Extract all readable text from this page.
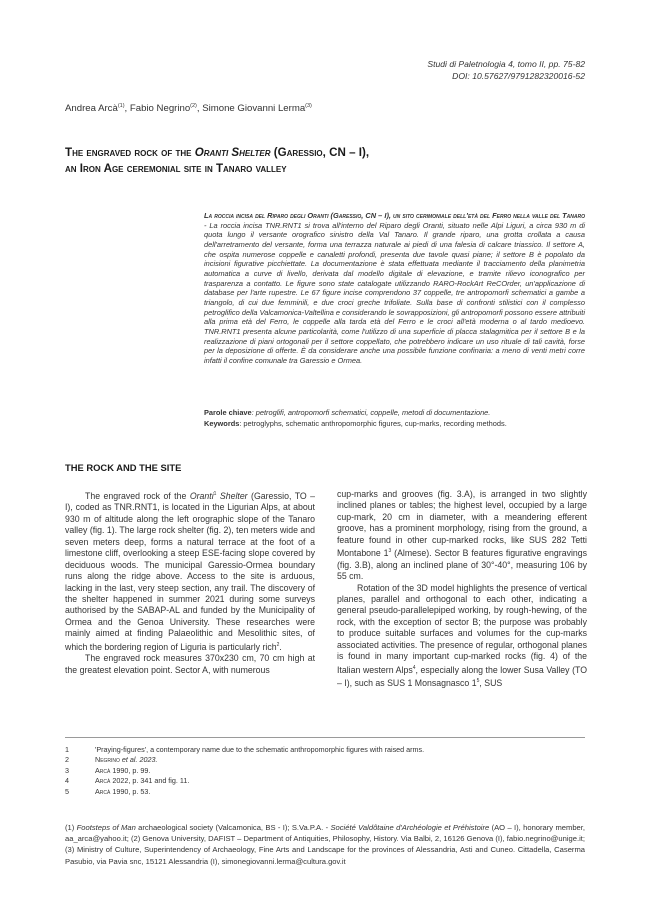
Studi di Paletnologia 4, tomo II, pp. 75-82
DOI: 10.57627/9791282320016-52
Andrea Arcà$^{(1)}$, Fabio Negrino$^{(2)}$, Simone Giovanni Lerma$^{(3)}$
The engraved rock of the Oranti Shelter (Garessio, CN – I),
an Iron Age ceremonial site in Tanaro valley
La roccia incisa del Riparo degli Oranti (Garessio, CN – I), un sito cerimoniale dell'età del Ferro nella valle del Tanaro - La roccia incisa TNR.RNT1 si trova all'interno del Riparo degli Oranti, situato nelle Alpi Liguri, a circa 930 m di quota lungo il versante orografico sinistro della Val Tanaro. Il grande riparo, una grotta crollata a causa dell'arretramento del versante, forma una terrazza naturale ai piedi di una falesia di calcare triassico. Il settore A, che ospita numerose coppelle e canaletti profondi, presenta due tavole quasi piane; il settore B è popolato da incisioni figurative picchiettate. La documentazione è stata effettuata mediante il tracciamento della planimetria automatica a curve di livello, derivata dal modello digitale di elevazione, e tramite rilievo iconografico per trasparenza a contatto. Le figure sono state catalogate utilizzando RARO-RockArt ReCOrder, un'applicazione di database per l'arte rupestre. Le 67 figure incise comprendono 37 coppelle, tre antropomorfi schematici a gambe a triangolo, di cui due femminili, e due croci greche trifoliate. Sulla base di confronti stilistici con il complesso petroglifico della Valcamonica-Valtellina e considerando le sovrapposizioni, gli antropomorfi possono essere attribuiti alla prima età del Ferro, le coppelle alla tarda età del Ferro e le croci all'età moderna o al tardo medioevo. TNR.RNT1 presenta alcune particolarità, come l'utilizzo di una superficie di placca stalagmitica per il settore B e la realizzazione di piani ortogonali per il settore coppellato, che potrebbero indicare un uso rituale di tali cavità, forse per la deposizione di offerte. È da considerare anche una possibile funzione confinaria: a meno di venti metri corre infatti il confine comunale tra Garessio e Ormea.
Parole chiave: petroglifi, antropomorfi schematici, coppelle, metodi di documentazione.
Keywords: petroglyphs, schematic anthropomorphic figures, cup-marks, recording methods.
THE ROCK AND THE SITE

The engraved rock of the Oranti$^1$ Shelter (Garessio, TO – I), coded as TNR.RNT1, is located in the Ligurian Alps, at about 930 m of altitude along the left orographic slope of the Tanaro valley (fig. 1). The large rock shelter (fig. 2), ten meters wide and seven meters deep, forms a natural terrace at the foot of a limestone cliff, overlooking a steep ESE-facing slope covered by deciduous woods. The municipal Garessio-Ormea boundary runs along the ridge above. Access to the site is arduous, lacking in the last, very steep section, any trail. The discovery of the shelter happened in summer 2021 during some surveys authorised by the SABAP-AL and funded by the Municipality of Ormea and the Genoa University. These researches were mainly aimed at finding Palaeolithic and Mesolithic sites, of which the bordering region of Liguria is particularly rich$^2$.

The engraved rock measures 370x230 cm, 70 cm high at the greatest elevation point. Sector A, with numerous

cup-marks and grooves (fig. 3.A), is arranged in two slightly inclined planes or tables; the highest level, occupied by a large cup-mark, 20 cm in diameter, with a meandering efferent groove, has a prominent morphology, rising from the ground, a feature found in other cup-marked rocks, like SUS 282 Tetti Montabone $1^3$ (Almese). Sector B features figurative engravings (fig. 3.B), along an inclined plane of 30°-40°, measuring 106 by 55 cm.

Rotation of the 3D model highlights the presence of vertical planes, parallel and orthogonal to each other, indicating a general pseudo-parallelepiped working, by rough-hewing, of the rock, with the exception of sector B; the purpose was probably to produce suitable surfaces and volumes for the cup-marks associated activities. The presence of regular, orthogonal planes is found in many important cup-marked rocks (fig. 4) of the Italian western Alps$^4$, especially along the lower Susa Valley (TO – I), such as SUS 1 Monsagnasco $1^5$, SUS

1	'Praying-figures', a contemporary name due to the schematic anthropomorphic figures with raised arms.
2	Negrino et al. 2023.
3	Arcà 1990, p. 99.
4	Arcà 2022, p. 341 and fig. 11.
5	Arcà 1990, p. 53.
(1) Footsteps of Man archaeological society (Valcamonica, BS - I); S.Va.P.A. - Société Valdôtaine d'Archéologie et Préhistoire (AO – I), honorary member, aa_arca@yahoo.it; (2) Genova University, DAFIST – Department of Antiquities, Philosophy, History. Via Balbi, 2, 16126 Genova (I), fabio.negrino@unige.it; (3) Ministry of Culture, Superintendency of Archaeology, Fine Arts and Landscape for the provinces of Alessandria, Asti and Cuneo. Cittadella, Caserma Pasubio, via Pavia snc, 15121 Alessandria (I), simonegiovanni.lerma@cultura.gov.it
